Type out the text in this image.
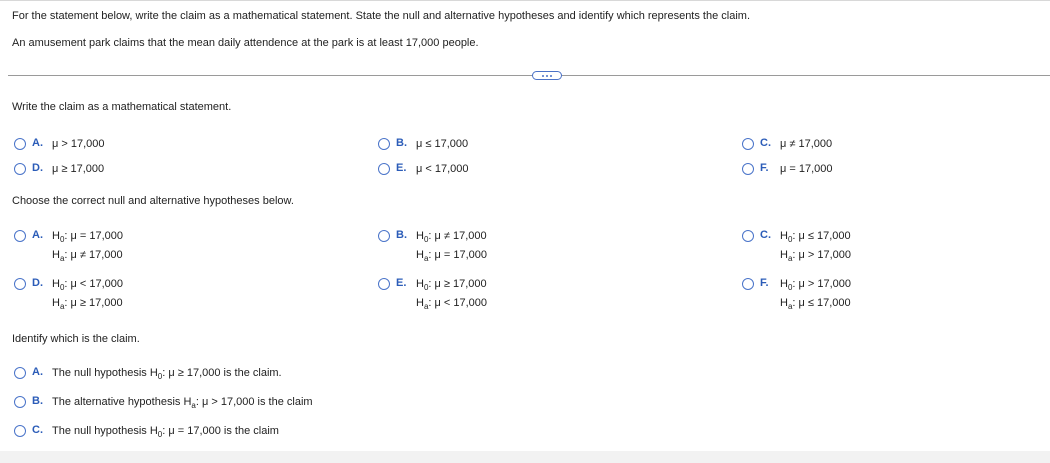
For the statement below, write the claim as a mathematical statement. State the null and alternative hypotheses and identify which represents the claim.
An amusement park claims that the mean daily attendence at the park is at least 17,000 people.
Write the claim as a mathematical statement.
A. μ > 17,000	B. μ ≤ 17,000	C. μ ≠ 17,000
D. μ ≥ 17,000	E. μ < 17,000	F.	μ = 17,000
Choose the correct null and alternative hypotheses below.
A. $H_0$: μ = 17,000
$H_a$: μ ≠ 17,000
B. $H_0$: μ ≠ 17,000
$H_a$: μ = 17,000
C. $H_0$: μ ≤ 17,000
$H_a$: μ > 17,000
D. $H_0$: μ < 17,000
$H_a$: μ ≥ 17,000
E. $H_0$: μ ≥ 17,000
$H_a$: μ < 17,000
F.	$H_0$: μ > 17,000
$H_a$: μ ≤ 17,000
Identify which is the claim.
A. The null hypothesis $H_0$: μ ≥ 17,000 is the claim.
B. The alternative hypothesis $H_a$: μ > 17,000 is the claim
C. The null hypothesis $H_0$: μ = 17,000 is the claim
